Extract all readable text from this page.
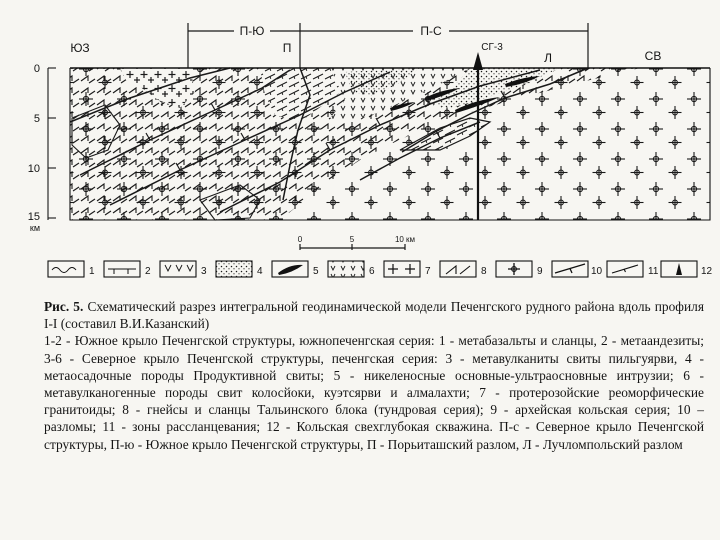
П-Ю	П-С
ЮЗ
СВ
П
Л
СГ-3
0
5
10
15
км
0	5	10 км
1	2	3	4	5	6	7	8	9	10	11	12
Рис. 5. Схематический разрез интегральной геодинамической модели Печенгского рудного района вдоль профиля I-I (составил В.И.Казанский)
1-2 - Южное крыло Печенгской структуры, южнопеченгская серия: 1 - метабазальты и сланцы, 2 - метаандезиты; 3-6 - Северное крыло Печенгской структуры, печенгская серия: 3 - метавулканиты свиты пильгуярви, 4 - метаосадочные породы Продуктивной свиты; 5 - никеленосные основные-ультраосновные интрузии; 6 - метавулканогенные породы свит колосйоки, куэтсярви и алмалахти; 7 - протерозойские реоморфические гранитоиды; 8 - гнейсы и сланцы Тальинского блока (тундровая серия); 9 - архейская кольская серия; 10 – разломы; 11 - зоны рассланцевания; 12 - Кольская свехглубокая скважина. П-с - Северное крыло Печенгской структуры, П-ю - Южное крыло Печенгской структуры, П - Порьиташский разлом, Л - Лучломпольский разлом
